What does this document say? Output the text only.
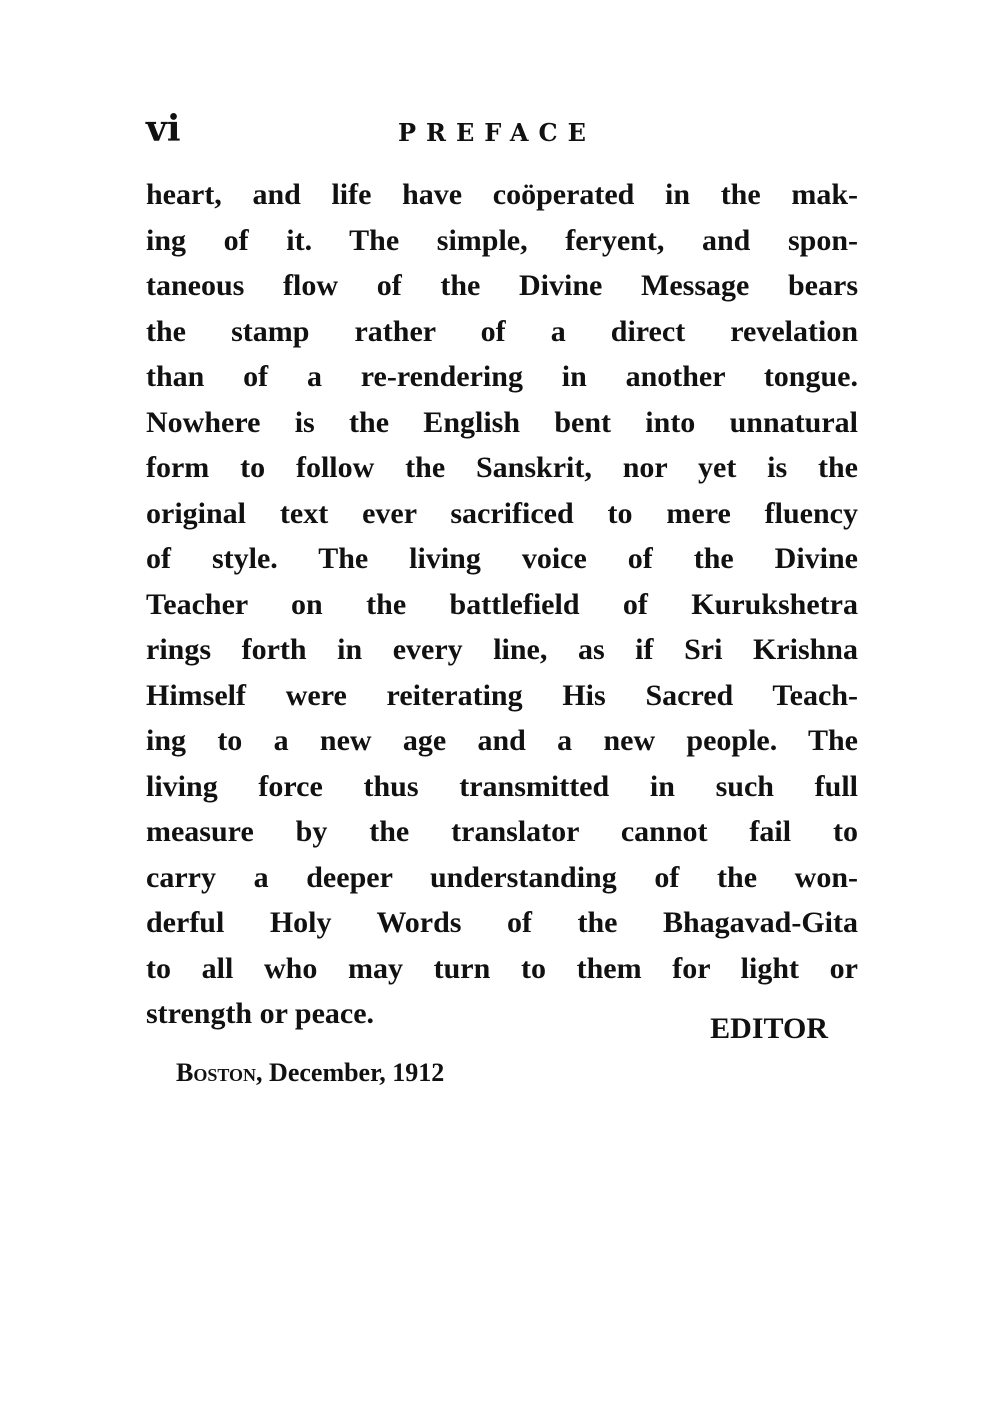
vi	PREFACE
heart, and life have coöperated in the mak-
ing of it. The simple, feryent, and spon-
taneous flow of the Divine Message bears
the stamp rather of a direct revelation
than of a re-rendering in another tongue.
Nowhere is the English bent into unnatural
form to follow the Sanskrit, nor yet is the
original text ever sacrificed to mere fluency
of style. The living voice of the Divine
Teacher on the battlefield of Kurukshetra
rings forth in every line, as if Sri Krishna
Himself were reiterating His Sacred Teach-
ing to a new age and a new people. The
living force thus transmitted in such full
measure by the translator cannot fail to
carry a deeper understanding of the won-
derful Holy Words of the Bhagavad-Gita
to all who may turn to them for light or
strength or peace.	EDITOR
Boston, December, 1912
